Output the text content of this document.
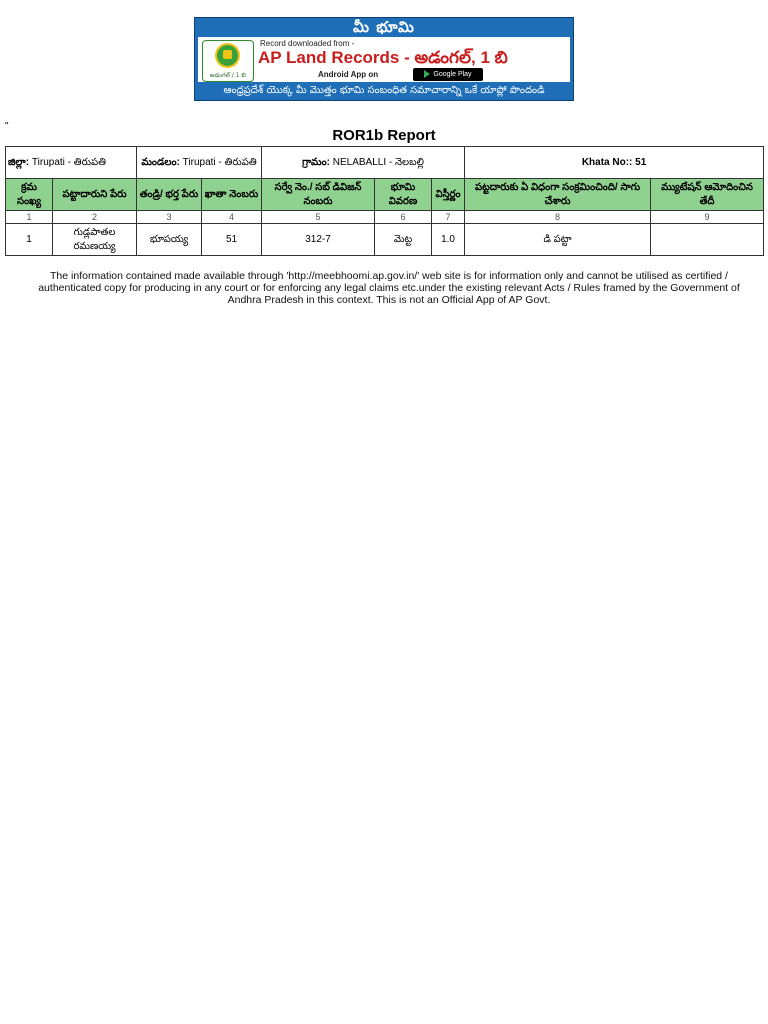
మీ భూమి
అడంగల్ / 1 బి
Record downloaded from -
AP Land Records - అడంగల్, 1 బి
Android App on	Google Play
ఆంధ్రప్రదేశ్ యొక్క మీ మొత్తం భూమి సంబంధిత సమాచారాన్ని ఒకే యాప్లో పొందండి
"
ROR1b Report
జిల్లా: Tirupati - తిరుపతి		మండలం: Tirupati - తిరుపతి		గ్రామం: NELABALLI - నెలబల్లి			Khata No:: 51	
క్రమ సంఖ్య	పట్టాదారుని పేరు	తండ్రి/ భర్త పేరు	ఖాతా నెంబరు	సర్వే నెం./ సబ్ డివిజన్ నంబరు	భూమి వివరణ	విస్తీర్ణం	పట్టదారుకు ఏ విధంగా సంక్రమించింది/ సాగు చేశారు	మ్యుటేషన్ ఆమోదించిన తేదీ
1	2	3	4	5	6	7	8	9
1	గుడ్లపాతల రమణయ్య	భూపయ్య	51	312-7	మెట్ట	1.0	డి పట్టా	
The information contained made available through 'http://meebhoomi.ap.gov.in/' web site is for information only and cannot be utilised as certified / authenticated copy for producing in any court or for enforcing any legal claims etc.under the existing relevant Acts / Rules framed by the Government of Andhra Pradesh in this context. This is not an Official App of AP Govt.
